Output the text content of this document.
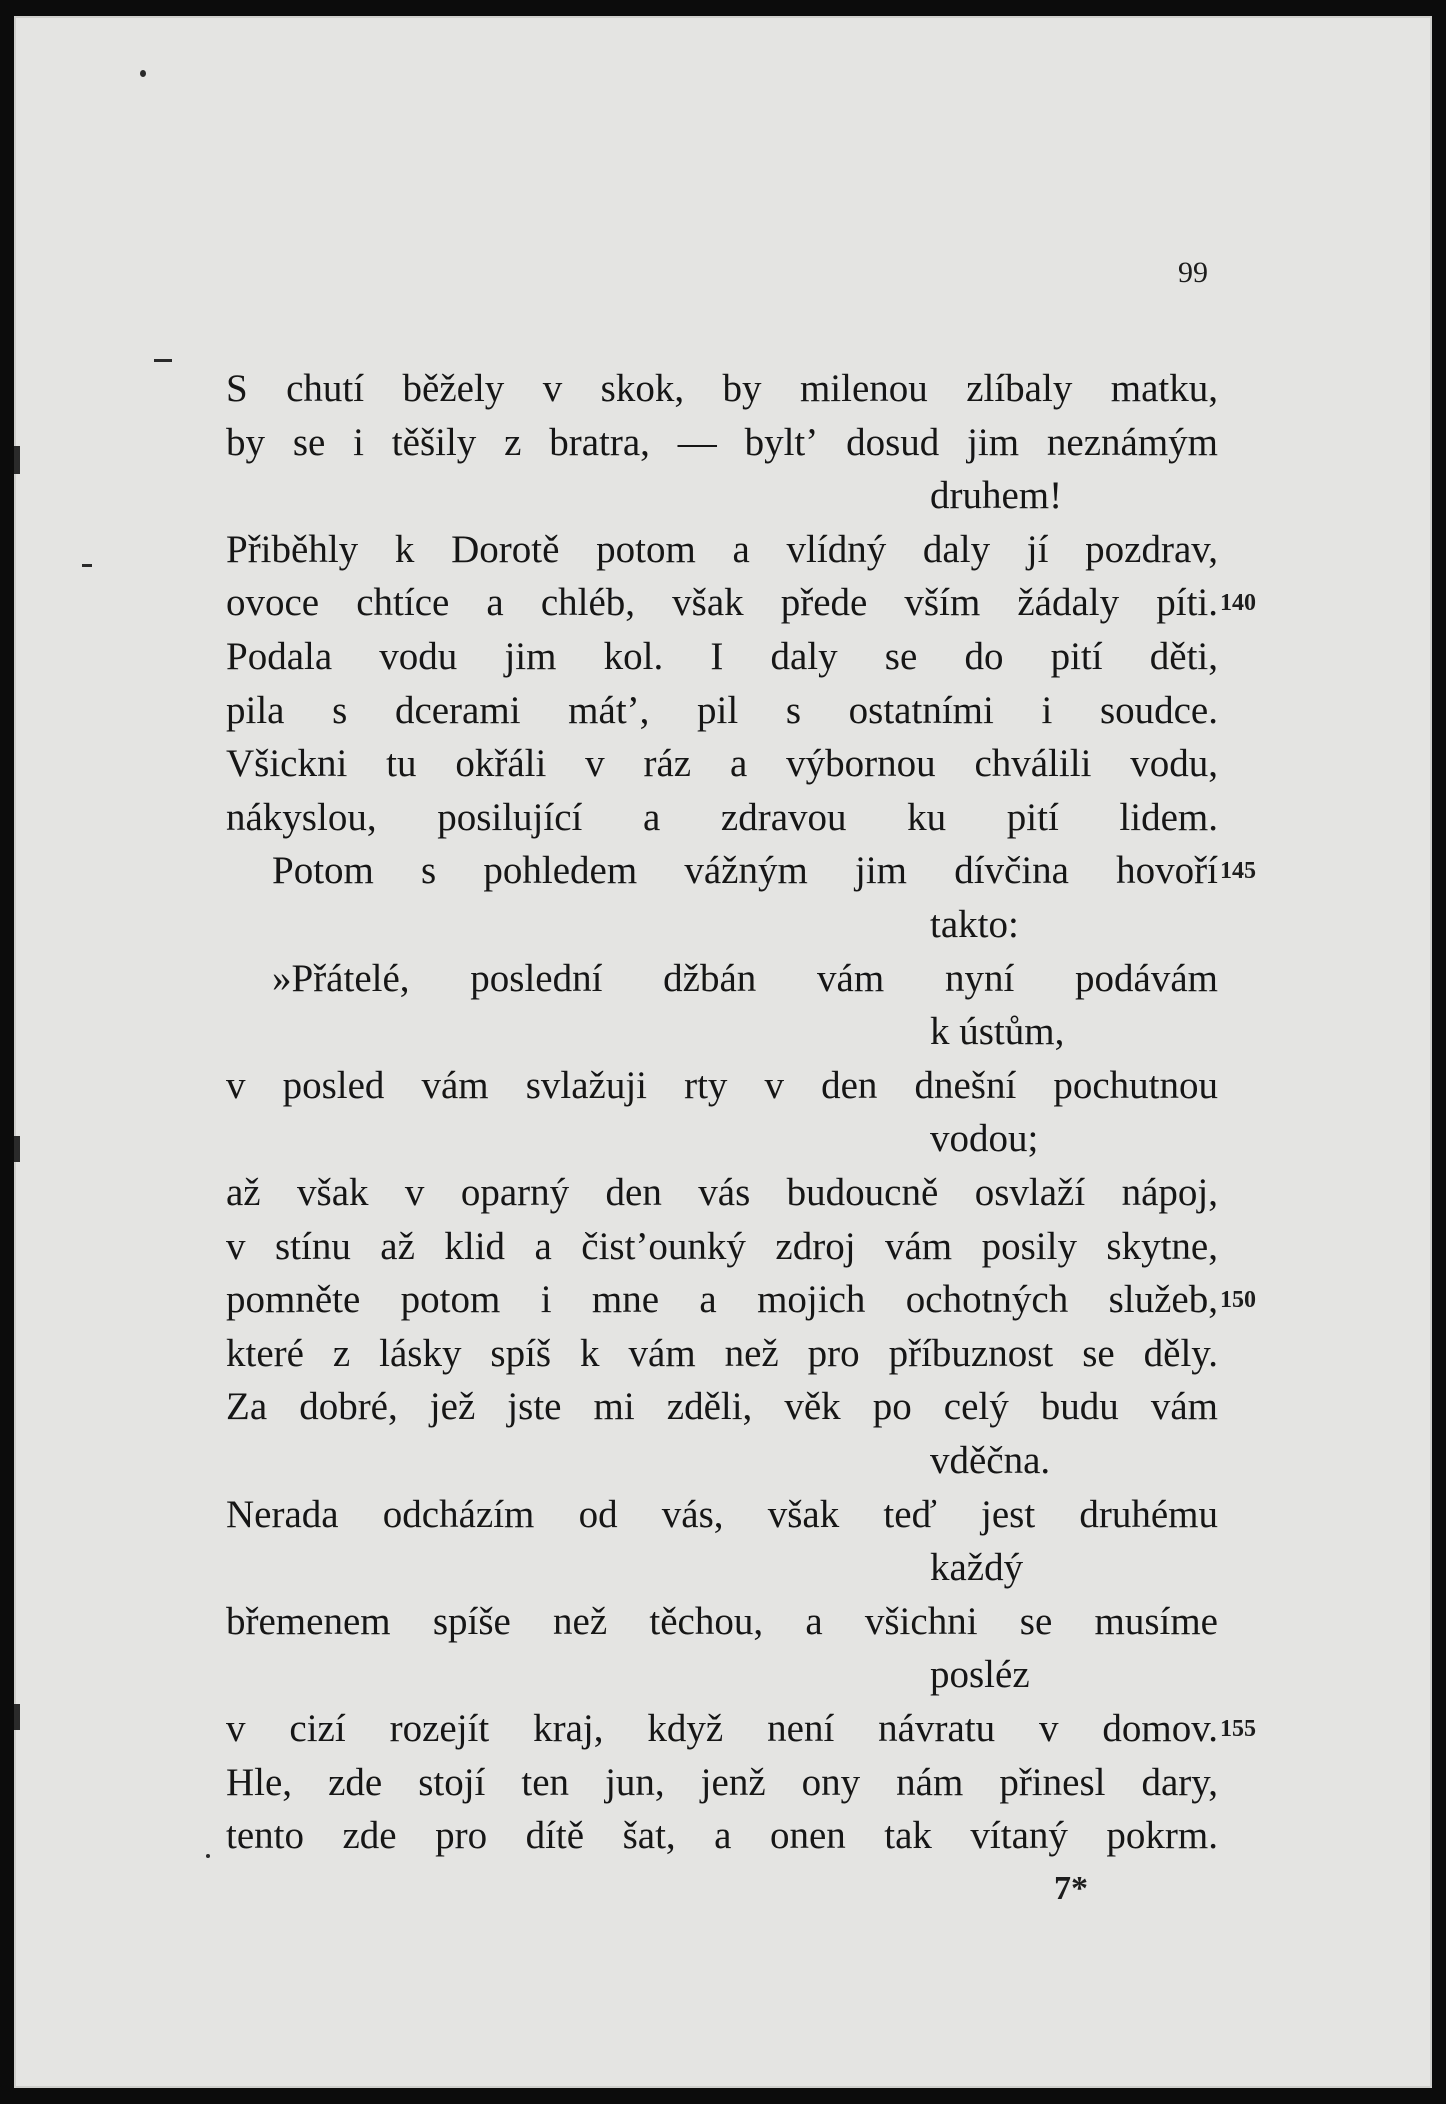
99
S chutí běžely v skok, by milenou zlíbaly matku,
by se i těšily z bratra, — byltʼ dosud jim neznámým
druhem!
Přiběhly k Dorotě potom a vlídný daly jí pozdrav,
ovoce chtíce a chléb, však přede vším žádaly píti. 140
Podala vodu jim kol. I daly se do pití děti,
pila s dcerami mátʼ, pil s ostatními i soudce.
Všickni tu okřáli v ráz a výbornou chválili vodu,
nákyslou, posilující a zdravou ku pití lidem.
Potom s pohledem vážným jim dívčina hovoří 145
takto:
»Přátelé, poslední džbán vám nyní podávám
k ústům,
v posled vám svlažuji rty v den dnešní pochutnou
vodou;
až však v oparný den vás budoucně osvlaží nápoj,
v stínu až klid a čistʼounký zdroj vám posily skytne,
pomněte potom i mne a mojich ochotných služeb, 150
které z lásky spíš k vám než pro příbuznost se děly.
Za dobré, jež jste mi zděli, věk po celý budu vám
vděčna.
Nerada odcházím od vás, však teď jest druhému
každý
břemenem spíše než těchou, a všichni se musíme
posléz
v cizí rozejít kraj, když není návratu v domov. 155
Hle, zde stojí ten jun, jenž ony nám přinesl dary,
tento zde pro dítě šat, a onen tak vítaný pokrm.
7*
